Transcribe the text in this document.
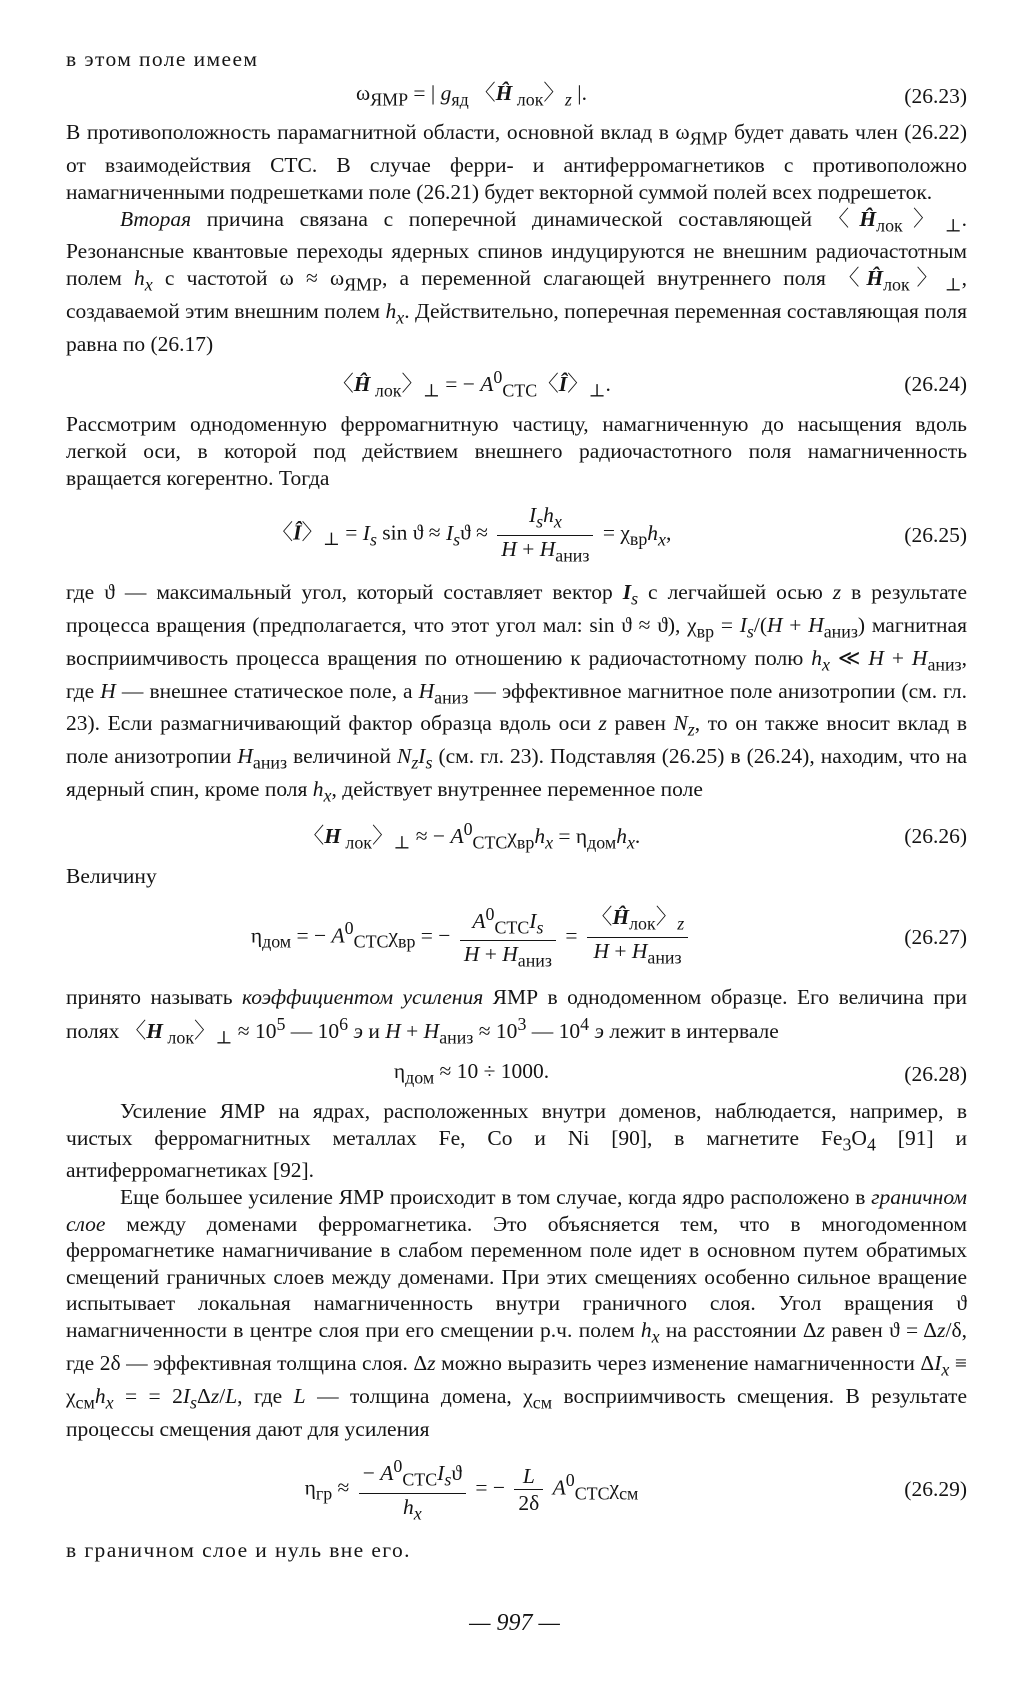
в этом поле имеем

$\omega_{ЯМР}$ = | $g_{яд}$ 〈Ĥ $_{лок}$〉$_z$ |.	(26.23)

В противоположность парамагнитной области, основной вклад в $\omega_{ЯМР}$ будет давать член (26.22) от взаимодействия СТС. В случае ферри- и антиферромагнетиков с противоположно намагниченными подрешетками поле (26.21) будет векторной суммой полей всех подрешеток.

Вторая причина связана с поперечной динамической составляющей 〈$Ĥ_{лок}$〉$_\perp$. Резонансные квантовые переходы ядерных спинов индуцируются не внешним радиочастотным полем $h_x$ с частотой $\omega \approx \omega_{ЯМР}$, а переменной слагающей внутреннего поля 〈$Ĥ_{лок}$〉$_\perp$, создаваемой этим внешним полем $h_x$. Действительно, поперечная переменная составляющая поля равна по (26.17)

〈Ĥ $_{лок}$〉$_\perp$ = − $A^0_{СТС}$〈Î〉$_\perp$.	(26.24)

Рассмотрим однодоменную ферромагнитную частицу, намагниченную до насыщения вдоль легкой оси, в которой под действием внешнего радиочастотного поля намагниченность вращается когерентно. Тогда

〈Î〉$_\perp = I_s$ $\sin ϑ \approx I_sϑ \approx \frac{I_sh_x}{H + H_{аниз}} = \chi_{вр}h_x$,	(26.25)

где ϑ — максимальный угол, который составляет вектор $I_s$ с легчайшей осью z в результате процесса вращения (предполагается, что этот угол мал: sin ϑ ≈ ϑ), $\chi_{вр} = I_s/(H + H_{аниз})$ магнитная восприимчивость процесса вращения по отношению к радиочастотному полю $h_x$ ≪ $H + H_{аниз}$, где H — внешнее статическое поле, а $H_{аниз}$ — эффективное магнитное поле анизотропии (см. гл. 23). Если размагничивающий фактор образца вдоль оси z равен $N_z$, то он также вносит вклад в поле анизотропии $H_{аниз}$ величиной $N_zI_s$ (см. гл. 23). Подставляя (26.25) в (26.24), находим, что на ядерный спин, кроме поля $h_x$, действует внутреннее переменное поле

〈H $_{лок}$〉$_\perp$ ≈ − $A^0_{СТС}\chi_{вр}h_x = \eta_{дом}h_x$.	(26.26)

Величину

$\eta_{дом}$ = − $A^0_{СТС}\chi_{вр}$ = − $\frac{A^0_{СТС}I_s}{H + H_{аниз}} = \frac{〈Ĥ_{лок}〉_z}{H + H_{аниз}}$	(26.27)

принято называть коэффициентом усиления ЯМР в однодоменном образце. Его величина при полях 〈H $_{лок}$〉$_\perp \approx 10^5$ — $10^6$ э и $H + H_{аниз} \approx 10^3$ — $10^4$ э лежит в интервале

$\eta_{дом} \approx 10 \div 1000$.	(26.28)

Усиление ЯМР на ядрах, расположенных внутри доменов, наблюдается, например, в чистых ферромагнитных металлах Fe, Co и Ni [90], в магнетите $Fe_3O_4$ [91] и антиферромагнетиках [92].

Еще большее усиление ЯМР происходит в том случае, когда ядро расположено в граничном слое между доменами ферромагнетика. Это объясняется тем, что в многодоменном ферромагнетике намагничивание в слабом переменном поле идет в основном путем обратимых смещений граничных слоев между доменами. При этих смещениях особенно сильное вращение испытывает локальная намагниченность внутри граничного слоя. Угол вращения ϑ намагниченности в центре слоя при его смещении р.ч. полем $h_x$ на расстоянии Δz равен ϑ = Δz/δ, где 2δ — эффективная толщина слоя. Δz можно выразить через изменение намагниченности $\Delta I_x \equiv \chi_{см}h_x$ = = $2I_s\Delta z/L$, где L — толщина домена, $\chi_{см}$ восприимчивость смещения. В результате процессы смещения дают для усиления

$\eta_{гр} \approx \frac{- A^0_{СТС}I_sϑ}{h_x}$ = − $\frac{L}{2\delta} A^0_{СТС}\chi_{см}$	(26.29)

в граничном слое и нуль вне его.

— 997 —
